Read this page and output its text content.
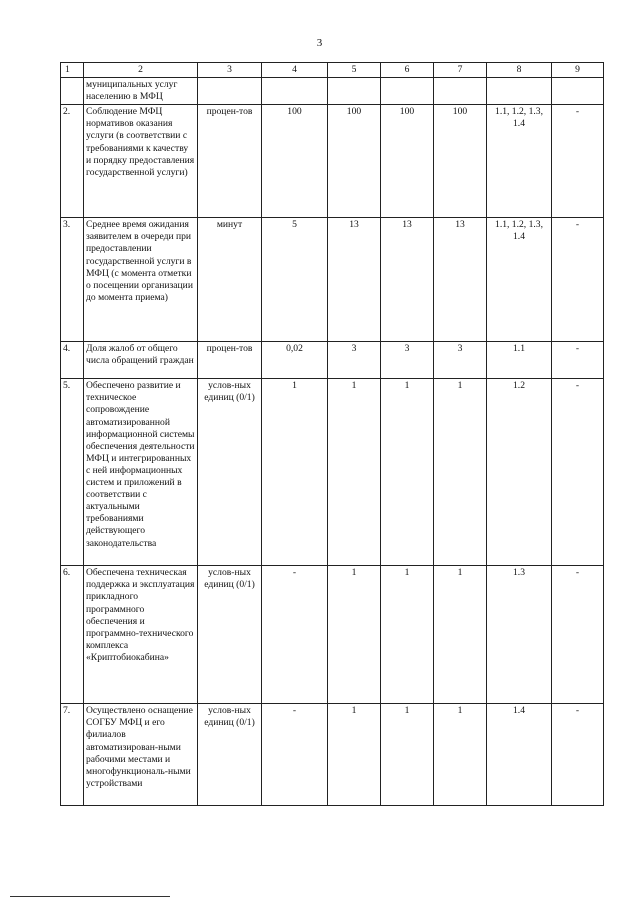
3
1	2	3	4	5	6	7	8	9
	муниципальных услуг населению в МФЦ							
2.	Соблюдение МФЦ нормативов оказания услуги (в соответствии с требованиями к качеству и порядку предоставления государственной услуги)	процен-тов	100	100	100	100	1.1, 1.2, 1.3, 1.4	-
3.	Среднее время ожидания заявителем в очереди при предоставлении государственной услуги в МФЦ (с момента отметки о посещении организации до момента приема)	минут	5	13	13	13	1.1, 1.2, 1.3, 1.4	-
4.	Доля жалоб от общего числа обращений граждан	процен-тов	0,02	3	3	3	1.1	-
5.	Обеспечено развитие и техническое сопровождение автоматизированной информационной системы обеспечения деятельности МФЦ и интегрированных с ней информационных систем и приложений в соответствии с актуальными требованиями действующего законодательства	услов-ных единиц (0/1)	1	1	1	1	1.2	-
6.	Обеспечена техническая поддержка и эксплуатация прикладного программного обеспечения и программно-технического комплекса «Криптобиокабина»	услов-ных единиц (0/1)	-	1	1	1	1.3	-
7.	Осуществлено оснащение СОГБУ МФЦ и его филиалов автоматизирован-ными рабочими местами и многофункциональ-ными устройствами	услов-ных единиц (0/1)	-	1	1	1	1.4	-
